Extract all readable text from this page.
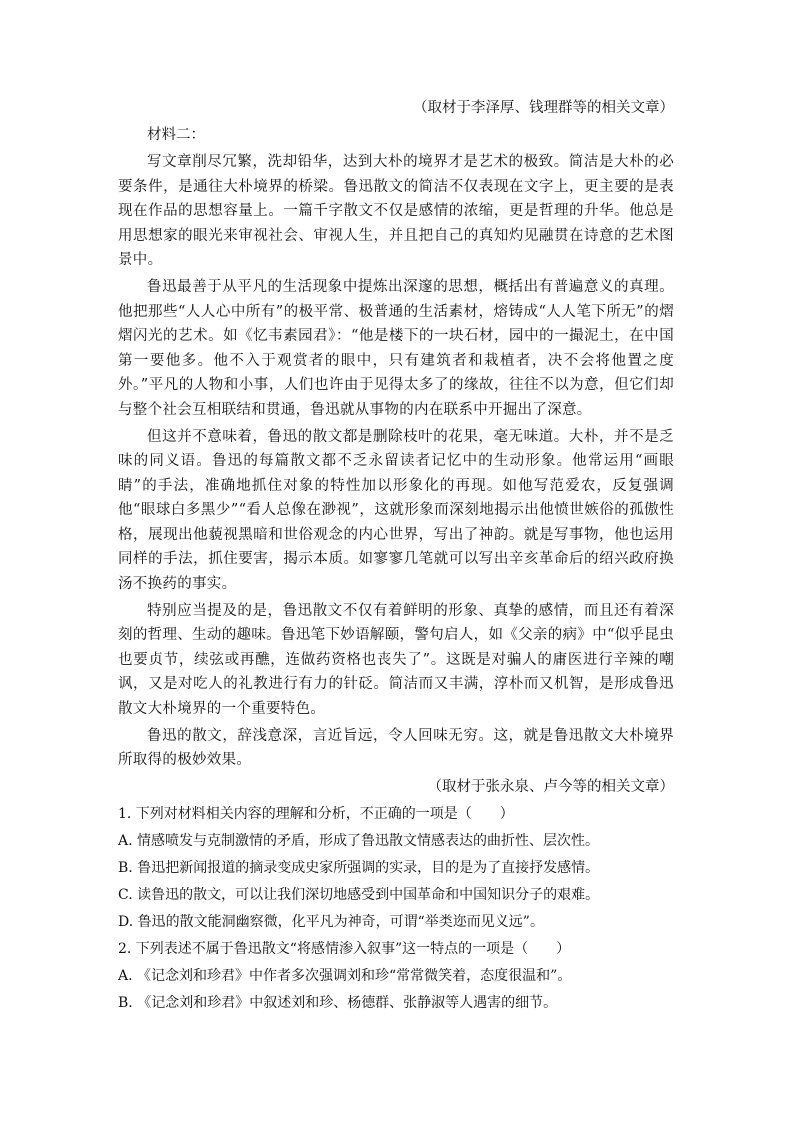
（取材于李泽厚、钱理群等的相关文章）

材料二：

写文章削尽冗繁，洗却铅华，达到大朴的境界才是艺术的极致。简洁是大朴的必要条件，是通往大朴境界的桥梁。鲁迅散文的简洁不仅表现在文字上，更主要的是表现在作品的思想容量上。一篇千字散文不仅是感情的浓缩，更是哲理的升华。他总是用思想家的眼光来审视社会、审视人生，并且把自己的真知灼见融贯在诗意的艺术图景中。

鲁迅最善于从平凡的生活现象中提炼出深邃的思想，概括出有普遍意义的真理。他把那些“人人心中所有”的极平常、极普通的生活素材，熔铸成“人人笔下所无”的熠熠闪光的艺术。如《忆韦素园君》：“他是楼下的一块石材，园中的一撮泥土，在中国第一要他多。他不入于观赏者的眼中，只有建筑者和栽植者，决不会将他置之度外。”平凡的人物和小事，人们也许由于见得太多了的缘故，往往不以为意，但它们却与整个社会互相联结和贯通，鲁迅就从事物的内在联系中开掘出了深意。

但这并不意味着，鲁迅的散文都是删除枝叶的花果，毫无味道。大朴，并不是乏味的同义语。鲁迅的每篇散文都不乏永留读者记忆中的生动形象。他常运用“画眼睛”的手法，准确地抓住对象的特性加以形象化的再现。如他写范爱农，反复强调他“眼球白多黑少”“看人总像在渺视”，这就形象而深刻地揭示出他愤世嫉俗的孤傲性格，展现出他藐视黑暗和世俗观念的内心世界，写出了神韵。就是写事物，他也运用同样的手法，抓住要害，揭示本质。如寥寥几笔就可以写出辛亥革命后的绍兴政府换汤不换药的事实。

特别应当提及的是，鲁迅散文不仅有着鲜明的形象、真挚的感情，而且还有着深刻的哲理、生动的趣味。鲁迅笔下妙语解颐，警句启人，如《父亲的病》中“似乎昆虫也要贞节，续弦或再醮，连做药资格也丧失了”。这既是对骗人的庸医进行辛辣的嘲讽，又是对吃人的礼教进行有力的针砭。简洁而又丰满，淳朴而又机智，是形成鲁迅散文大朴境界的一个重要特色。

鲁迅的散文，辞浅意深，言近旨远，令人回味无穷。这，就是鲁迅散文大朴境界所取得的极妙效果。

（取材于张永泉、卢今等的相关文章）

1. 下列对材料相关内容的理解和分析，不正确的一项是（　　）

A. 情感喷发与克制激情的矛盾，形成了鲁迅散文情感表达的曲折性、层次性。

B. 鲁迅把新闻报道的摘录变成史家所强调的实录，目的是为了直接抒发感情。

C. 读鲁迅的散文，可以让我们深切地感受到中国革命和中国知识分子的艰难。

D. 鲁迅的散文能洞幽察微，化平凡为神奇，可谓“举类迩而见义远”。

2. 下列表述不属于鲁迅散文“将感情渗入叙事”这一特点的一项是（　　）

A. 《记念刘和珍君》中作者多次强调刘和珍“常常微笑着，态度很温和”。

B. 《记念刘和珍君》中叙述刘和珍、杨德群、张静淑等人遇害的细节。
